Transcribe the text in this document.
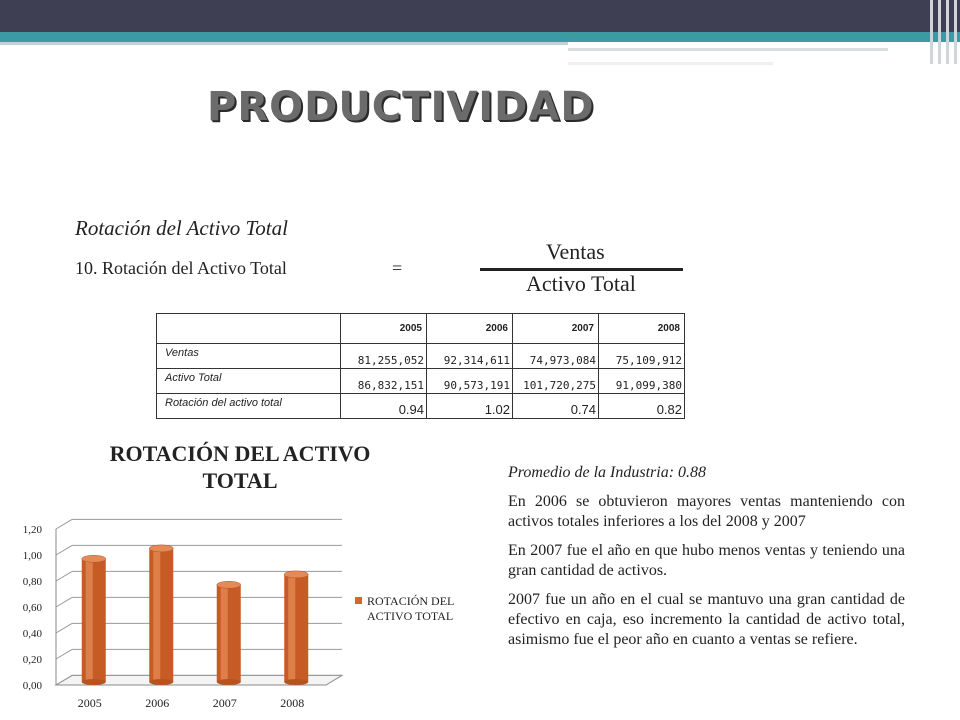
PRODUCTIVIDAD
Rotación del Activo Total
10. Rotación del Activo Total	=
Ventas
Activo Total
	2005	2006	2007	2008
Ventas	81,255,052	92,314,611	74,973,084	75,109,912
Activo Total	86,832,151	90,573,191	101,720,275	91,099,380
Rotación del activo total	0.94	1.02	0.74	0.82
ROTACIÓN DEL ACTIVO TOTAL
0,00
0,20
0,40
0,60
0,80
1,00
1,20
2005	2006	2007	2008
ROTACIÓN DEL ACTIVO TOTAL

Promedio de la Industria: 0.88

En 2006 se obtuvieron mayores ventas manteniendo con activos totales inferiores a los del 2008 y 2007

En 2007 fue el año en que hubo menos ventas y teniendo una gran cantidad de activos.

2007 fue un año en el cual se mantuvo una gran cantidad de efectivo en caja, eso incremento la cantidad de activo total, asimismo fue el peor año en cuanto a ventas se refiere.
